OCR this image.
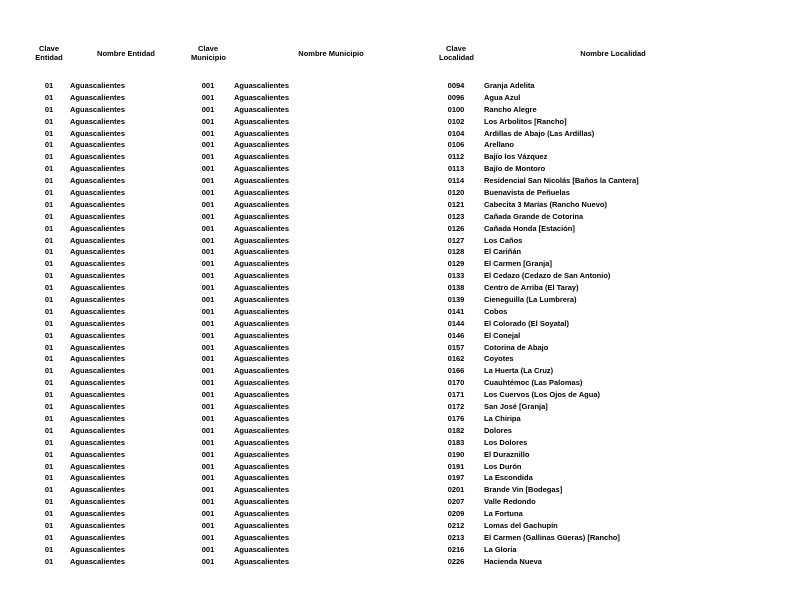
Clave Entidad	Nombre Entidad	Clave Municipio	Nombre Municipio	Clave Localidad	Nombre Localidad
01	Aguascalientes	001	Aguascalientes	0094	Granja Adelita
01	Aguascalientes	001	Aguascalientes	0096	Agua Azul
01	Aguascalientes	001	Aguascalientes	0100	Rancho Alegre
01	Aguascalientes	001	Aguascalientes	0102	Los Arbolitos [Rancho]
01	Aguascalientes	001	Aguascalientes	0104	Ardillas de Abajo (Las Ardillas)
01	Aguascalientes	001	Aguascalientes	0106	Arellano
01	Aguascalientes	001	Aguascalientes	0112	Bajío los Vázquez
01	Aguascalientes	001	Aguascalientes	0113	Bajío de Montoro
01	Aguascalientes	001	Aguascalientes	0114	Residencial San Nicolás [Baños la Cantera]
01	Aguascalientes	001	Aguascalientes	0120	Buenavista de Peñuelas
01	Aguascalientes	001	Aguascalientes	0121	Cabecita 3 Marías (Rancho Nuevo)
01	Aguascalientes	001	Aguascalientes	0123	Cañada Grande de Cotorina
01	Aguascalientes	001	Aguascalientes	0126	Cañada Honda [Estación]
01	Aguascalientes	001	Aguascalientes	0127	Los Caños
01	Aguascalientes	001	Aguascalientes	0128	El Cariñán
01	Aguascalientes	001	Aguascalientes	0129	El Carmen [Granja]
01	Aguascalientes	001	Aguascalientes	0133	El Cedazo (Cedazo de San Antonio)
01	Aguascalientes	001	Aguascalientes	0138	Centro de Arriba (El Taray)
01	Aguascalientes	001	Aguascalientes	0139	Cieneguilla (La Lumbrera)
01	Aguascalientes	001	Aguascalientes	0141	Cobos
01	Aguascalientes	001	Aguascalientes	0144	El Colorado (El Soyatal)
01	Aguascalientes	001	Aguascalientes	0146	El Conejal
01	Aguascalientes	001	Aguascalientes	0157	Cotorina de Abajo
01	Aguascalientes	001	Aguascalientes	0162	Coyotes
01	Aguascalientes	001	Aguascalientes	0166	La Huerta (La Cruz)
01	Aguascalientes	001	Aguascalientes	0170	Cuauhtémoc (Las Palomas)
01	Aguascalientes	001	Aguascalientes	0171	Los Cuervos (Los Ojos de Agua)
01	Aguascalientes	001	Aguascalientes	0172	San José [Granja]
01	Aguascalientes	001	Aguascalientes	0176	La Chiripa
01	Aguascalientes	001	Aguascalientes	0182	Dolores
01	Aguascalientes	001	Aguascalientes	0183	Los Dolores
01	Aguascalientes	001	Aguascalientes	0190	El Duraznillo
01	Aguascalientes	001	Aguascalientes	0191	Los Durón
01	Aguascalientes	001	Aguascalientes	0197	La Escondida
01	Aguascalientes	001	Aguascalientes	0201	Brande Vin [Bodegas]
01	Aguascalientes	001	Aguascalientes	0207	Valle Redondo
01	Aguascalientes	001	Aguascalientes	0209	La Fortuna
01	Aguascalientes	001	Aguascalientes	0212	Lomas del Gachupín
01	Aguascalientes	001	Aguascalientes	0213	El Carmen (Gallinas Güeras) [Rancho]
01	Aguascalientes	001	Aguascalientes	0216	La Gloria
01	Aguascalientes	001	Aguascalientes	0226	Hacienda Nueva
